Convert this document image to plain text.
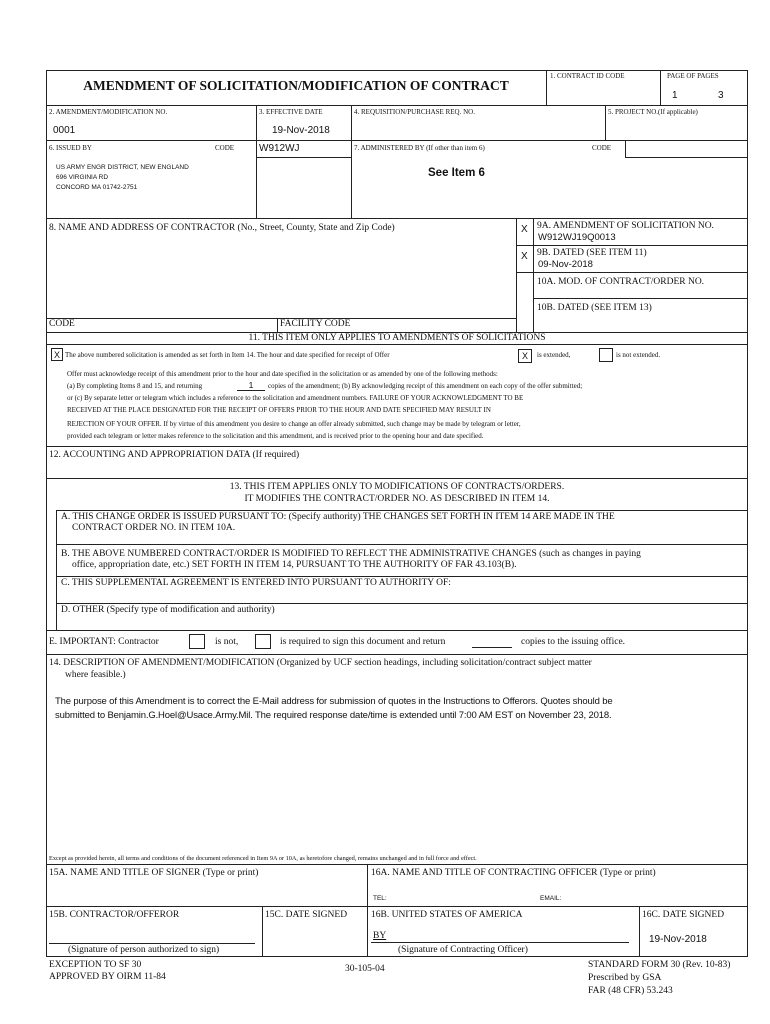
AMENDMENT OF SOLICITATION/MODIFICATION OF CONTRACT
1. CONTRACT ID CODE	PAGE OF PAGES
1	3
2. AMENDMENT/MODIFICATION NO.
0001
3. EFFECTIVE DATE
19-Nov-2018
4. REQUISITION/PURCHASE REQ. NO.	5. PROJECT NO.(If applicable)
6. ISSUED BY	CODE W912WJ
US ARMY ENGR DISTRICT, NEW ENGLAND
696 VIRGINIA RD
CONCORD MA 01742-2751
7. ADMINISTERED BY (If other than item 6)	CODE
See Item 6
8. NAME AND ADDRESS OF CONTRACTOR (No., Street, County, State and Zip Code)
CODE	FACILITY CODE
X 9A. AMENDMENT OF SOLICITATION NO.
W912WJ19Q0013
X 9B. DATED (SEE ITEM 11)
09-Nov-2018
10A. MOD. OF CONTRACT/ORDER NO.
10B. DATED (SEE ITEM 13)
11. THIS ITEM ONLY APPLIES TO AMENDMENTS OF SOLICITATIONS
X The above numbered solicitation is amended as set forth in Item 14. The hour and date specified for receipt of Offer	X	is extended,	is not extended.
Offer must acknowledge receipt of this amendment prior to the hour and date specified in the solicitation or as amended by one of the following methods:
(a) By completing Items 8 and 15, and returning	1	copies of the amendment; (b) By acknowledging receipt of this amendment on each copy of the offer submitted;
or (c) By separate letter or telegram which includes a reference to the solicitation and amendment numbers. FAILURE OF YOUR ACKNOWLEDGMENT TO BE
RECEIVED AT THE PLACE DESIGNATED FOR THE RECEIPT OF OFFERS PRIOR TO THE HOUR AND DATE SPECIFIED MAY RESULT IN
REJECTION OF YOUR OFFER. If by virtue of this amendment you desire to change an offer already submitted, such change may be made by telegram or letter,
provided each telegram or letter makes reference to the solicitation and this amendment, and is received prior to the opening hour and date specified.
12. ACCOUNTING AND APPROPRIATION DATA (If required)
13. THIS ITEM APPLIES ONLY TO MODIFICATIONS OF CONTRACTS/ORDERS.
IT MODIFIES THE CONTRACT/ORDER NO. AS DESCRIBED IN ITEM 14.
A. THIS CHANGE ORDER IS ISSUED PURSUANT TO: (Specify authority) THE CHANGES SET FORTH IN ITEM 14 ARE MADE IN THE
CONTRACT ORDER NO. IN ITEM 10A.
B. THE ABOVE NUMBERED CONTRACT/ORDER IS MODIFIED TO REFLECT THE ADMINISTRATIVE CHANGES (such as changes in paying
office, appropriation date, etc.) SET FORTH IN ITEM 14, PURSUANT TO THE AUTHORITY OF FAR 43.103(B).
C. THIS SUPPLEMENTAL AGREEMENT IS ENTERED INTO PURSUANT TO AUTHORITY OF:
D. OTHER (Specify type of modification and authority)
E. IMPORTANT: Contractor	is not,	is required to sign this document and return	copies to the issuing office.
14. DESCRIPTION OF AMENDMENT/MODIFICATION (Organized by UCF section headings, including solicitation/contract subject matter
where feasible.)
The purpose of this Amendment is to correct the E-Mail address for submission of quotes in the Instructions to Offerors. Quotes should be
submitted to Benjamin.G.Hoel@Usace.Army.Mil. The required response date/time is extended until 7:00 AM EST on November 23, 2018.
Except as provided herein, all terms and conditions of the document referenced in Item 9A or 10A, as heretofore changed, remains unchanged and in full force and effect.
15A. NAME AND TITLE OF SIGNER (Type or print)	16A. NAME AND TITLE OF CONTRACTING OFFICER (Type or print)
TEL:	EMAIL:
15B. CONTRACTOR/OFFEROR
(Signature of person authorized to sign)
15C. DATE SIGNED	16B. UNITED STATES OF AMERICA
BY
(Signature of Contracting Officer)
16C. DATE SIGNED
19-Nov-2018
EXCEPTION TO SF 30
APPROVED BY OIRM 11-84
30-105-04	STANDARD FORM 30 (Rev. 10-83)
Prescribed by GSA
FAR (48 CFR) 53.243
